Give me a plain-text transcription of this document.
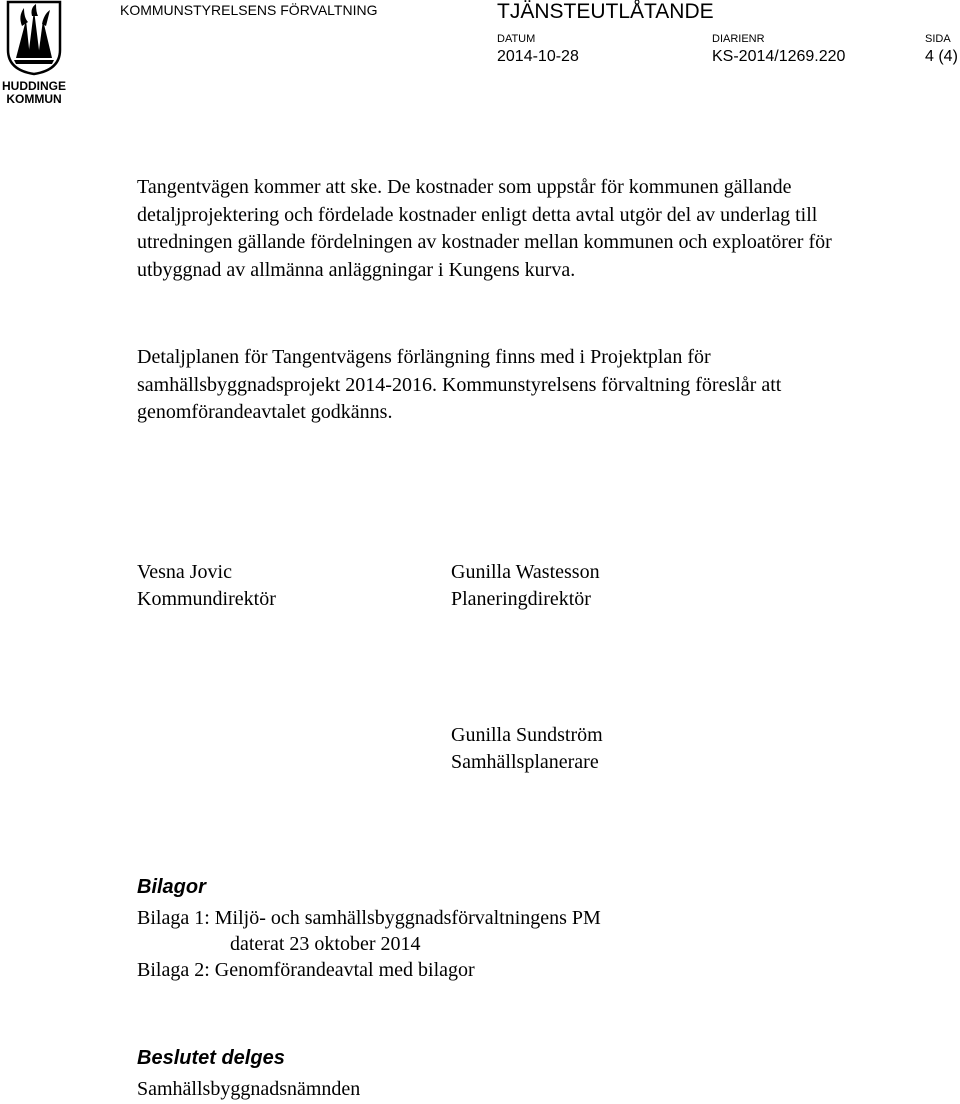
HUDDINGE
KOMMUN
KOMMUNSTYRELSENS FÖRVALTNING	TJÄNSTEUTLÅTANDE
DATUM
2014-10-28
DIARIENR
KS-2014/1269.220
SIDA
4 (4)

Tangentvägen kommer att ske. De kostnader som uppstår för kommunen gällande detaljprojektering och fördelade kostnader enligt detta avtal utgör del av underlag till utredningen gällande fördelningen av kostnader mellan kommunen och exploatörer för utbyggnad av allmänna anläggningar i Kungens kurva.

Detaljplanen för Tangentvägens förlängning finns med i Projektplan för samhällsbyggnadsprojekt 2014-2016. Kommunstyrelsens förvaltning föreslår att genomförandeavtalet godkänns.

Vesna Jovic
Kommundirektör
Gunilla Wastesson
Planeringdirektör
Gunilla Sundström
Samhällsplanerare
Bilagor
Bilaga 1: Miljö- och samhällsbyggnadsförvaltningens PM
daterat 23 oktober 2014
Bilaga 2: Genomförandeavtal med bilagor
Beslutet delges
Samhällsbyggnadsnämnden
